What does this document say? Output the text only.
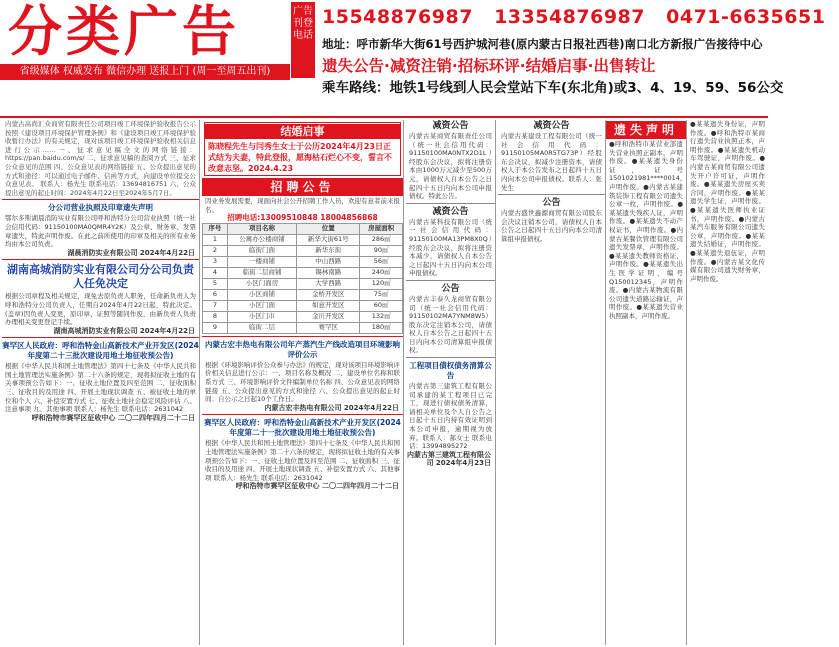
分类广告
省级媒体 权威发布 微信办理 送报上门 (周一至周五出刊)
广告
刊登
电话
15548876987 13354876987 0471-6635651
地址：呼市新华大街61号西护城河巷(原内蒙古日报社西巷)南口北方新报广告接待中心
遗失公告·减资注销·招标环评·结婚启事·出售转让
乘车路线：地铁1号线到人民会堂站下车(东北角)或3、4、19、59、56公交
内蒙古高尚汇众商贸有限责任公司项目竣工环境保护验收报告公示 按照《建设项目环境保护管理条例》和《建设项目竣工环境保护验收暂行办法》的有关规定，现对该项目竣工环境保护验收相关信息进行公示……一、征求意见稿全文的网络链接：https://pan.baidu.com/s/ 二、征求意见稿的查阅方式 三、征求公众意见的范围 四、公众意见表的网络链接 五、公众提出意见的方式和途径：可以通过电子邮件、信函等方式，向建设单位提交公众意见表。 联系人：杨先生 联系电话：13694816751 六、公众提出意见的起止时间：2024年4月22日至2024年5月7日。
分公司营业执照及印章遗失声明
鄂尔多斯湖晨消防实业有限公司呼和浩特分公司营业执照（统一社会信用代码：91150100MA0QMR4Y2K）及公章、财务章、发票章遗失，特此声明作废。在此之前所使用的印章及相关的所有业务均由本公司负责。
湖晨消防实业有限公司 2024年4月22日
湖南高城消防实业有限公司分公司负责人任免决定
根据公司章程及相关规定，现免去原负责人职务，任命新负责人为呼和浩特分公司负责人，任期自2024年4月22日起，特此决定。(盖章)因负责人变更，原印章、证照等随同作废，由新负责人负责办理相关变更登记手续。
湖南高城消防实业有限公司 2024年4月22日
赛罕区人民政府：呼和浩特金山高新技术产业开发区(2024年度第二十三批次建设用地土地征收预公告)
根据《中华人民共和国土地管理法》第四十七条及《中华人民共和国土地管理法实施条例》第二十六条的规定，现将拟征收土地的有关事项预公告如下：一、征收土地位置及四至范围 二、征收面积 三、征收目的及用途 四、开展土地现状调查 五、被征收土地的单位和个人 六、补偿安置方式 七、征收土地社会稳定风险评估 八、注意事项 九、其他事项 联系人：杨先生 联系电话：2631042
呼和浩特市赛罕区征收中心 二〇二四年四月二十二日
结婚启事
陈晓程先生与闫秀生女士于公历2024年4月23日正式结为夫妻，特此登报，愿海枯石烂心不变，誓言不改意志坚。2024.4.23
招聘公告
因业务发展需要，现面向社会公开招聘工作人员，欢迎有意者前来报名。
招聘电话:13009510848 18004856868
序号	项目名称	位置	房屋面积
1	公寓办公楼商铺	新华大街61号	286㎡
2	临街门面	新华东街	90㎡
3	一楼商铺	中山西路	56㎡
4	临街二层商铺	锡林南路	240㎡
5	小区门面房	大学西路	120㎡
6	小区商铺	金桥开发区	75㎡
7	小区门面	如意开发区	60㎡
8	小区门市	金川开发区	132㎡
9	临街二层	赛罕区	180㎡
内蒙古宏丰热电有限公司年产蒸汽生产线改造项目环境影响评价公示
根据《环境影响评价公众参与办法》的规定，现对该项目环境影响评价相关信息进行公示：一、项目名称及概况 二、建设单位名称和联系方式 三、环境影响评价文件编制单位名称 四、公众意见表的网络链接 五、公众提出意见的方式和途径 六、公众提出意见的起止时间：自公示之日起10个工作日。
内蒙古宏丰热电有限公司 2024年4月22日
赛罕区人民政府：呼和浩特金山高新技术产业开发区(2024年度第二十一批次建设用地土地征收预公告)
根据《中华人民共和国土地管理法》第四十七条及《中华人民共和国土地管理法实施条例》第二十六条的规定，现将拟征收土地的有关事项预公告如下：一、征收土地位置及四至范围 二、征收面积 三、征收目的及用途 四、开展土地现状调查 五、补偿安置方式 六、其他事项 联系人：杨先生 联系电话：2631042
呼和浩特市赛罕区征收中心 二〇二四年四月二十二日
减资公告
内蒙古某商贸有限责任公司（统一社会信用代码：91150100MA0NTX2D1L）经股东会决议，拟将注册资本由1000万元减少至500万元，请债权人自本公告之日起四十五日内向本公司申报债权。特此公告。
减资公告
内蒙古某科技有限公司（统一社会信用代码：91150100MA13PM8X0Q）经股东会决议，拟将注册资本减少，请债权人自本公告之日起四十五日内向本公司申报债权。
公告
内蒙古丰泰久龙商贸有限公司（统一社会信用代码：91150102MA7YNM8W5）股东决定注销本公司，请债权人自本公告之日起四十五日内向本公司清算组申报债权。
工程项目债权债务清算公告
内蒙古第三建筑工程有限公司承建的某工程项目已完工，现进行债权债务清算，请相关单位及个人自公告之日起十五日内持有效证明到本公司申报，逾期视为放弃。联系人：郝女士 联系电话：13994895272
内蒙古第三建筑工程有限公司 2024年4月23日
减资公告
内蒙古某建设工程有限公司（统一社会信用代码：91150105MA0R5TG73P）经股东会决议，拟减少注册资本，请债权人于本公告发布之日起四十五日内向本公司申报债权。联系人：张先生
公告
内蒙古盛世鑫源商贸有限公司股东会决议注销本公司，请债权人自本公告之日起四十五日内向本公司清算组申报债权。
遗失声明
●呼和浩特市某营业部遗失营业执照正副本，声明作废。●某某遗失身份证，证号1501021981****0014，声明作废。●内蒙古某建筑装饰工程有限公司遗失公章一枚，声明作废。●某某遗失残疾人证，声明作废。●某某遗失不动产权证书，声明作废。●内蒙古某餐饮管理有限公司遗失发票章，声明作废。●某某遗失教师资格证，声明作废。●某某遗失出生医学证明，编号Q150012345，声明作废。●内蒙古某物流有限公司遗失道路运输证，声明作废。●某某遗失营业执照副本，声明作废。
●某某遗失身份证，声明作废。●呼和浩特市某商行遗失营业执照正本，声明作废。●某某遗失机动车驾驶证，声明作废。●内蒙古某商贸有限公司遗失开户许可证，声明作废。●某某遗失房屋买卖合同，声明作废。●某某遗失学生证，声明作废。●某某遗失医师执业证书，声明作废。●内蒙古某汽车服务有限公司遗失公章，声明作废。●某某遗失结婚证，声明作废。●某某遗失退伍证，声明作废。●内蒙古某文化传媒有限公司遗失财务章，声明作废。
